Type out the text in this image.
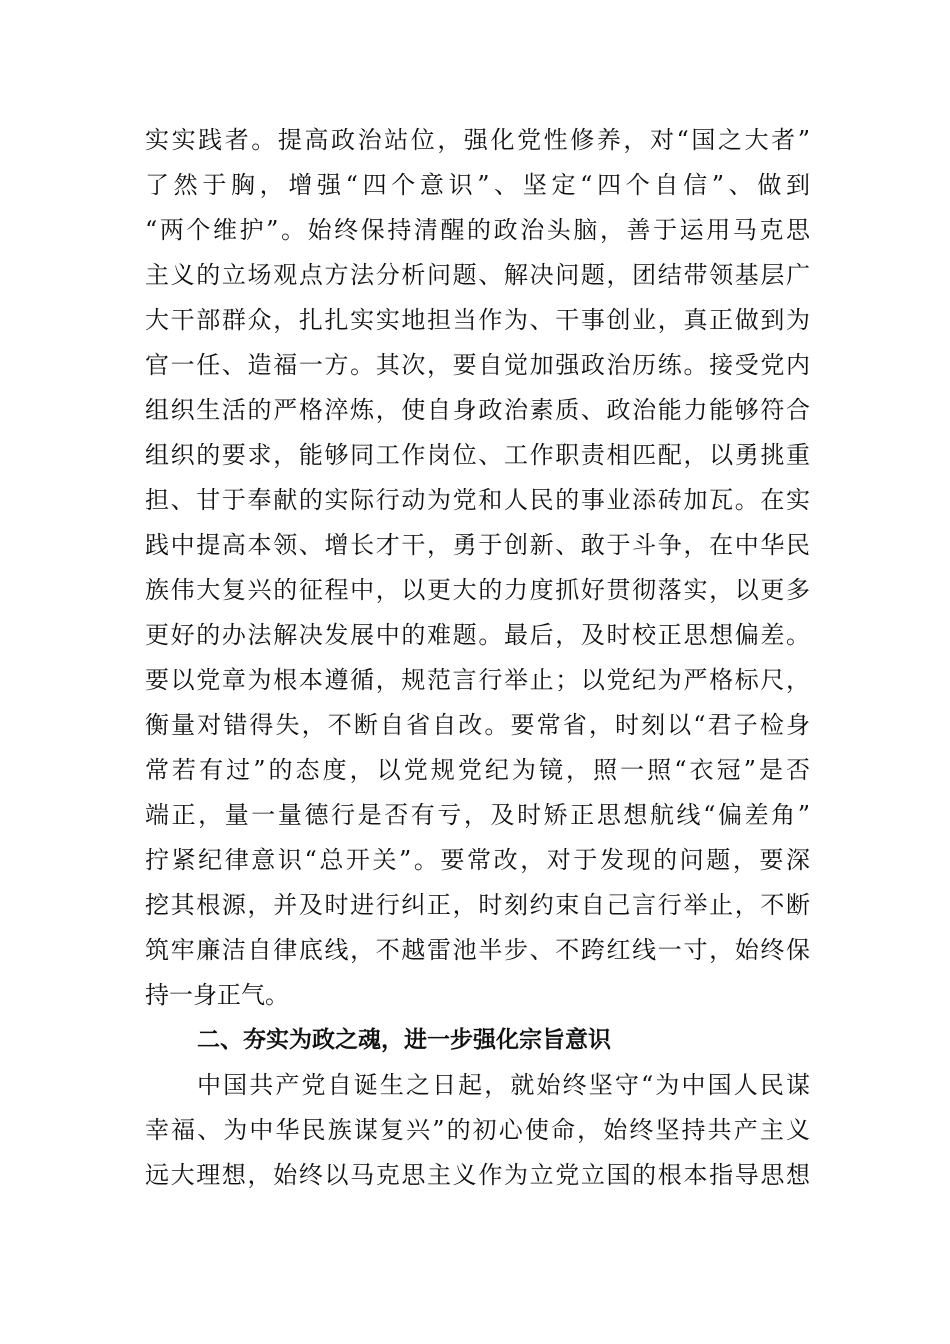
实实践者。提高政治站位，强化党性修养，对“国之大者”
了然于胸，增强“四个意识”、坚定“四个自信”、做到
“两个维护”。始终保持清醒的政治头脑，善于运用马克思
主义的立场观点方法分析问题、解决问题，团结带领基层广
大干部群众，扎扎实实地担当作为、干事创业，真正做到为
官一任、造福一方。其次，要自觉加强政治历练。接受党内
组织生活的严格淬炼，使自身政治素质、政治能力能够符合
组织的要求，能够同工作岗位、工作职责相匹配，以勇挑重
担、甘于奉献的实际行动为党和人民的事业添砖加瓦。在实
践中提高本领、增长才干，勇于创新、敢于斗争，在中华民
族伟大复兴的征程中，以更大的力度抓好贯彻落实，以更多
更好的办法解决发展中的难题。最后，及时校正思想偏差。
要以党章为根本遵循，规范言行举止；以党纪为严格标尺，
衡量对错得失，不断自省自改。要常省，时刻以“君子检身
常若有过”的态度，以党规党纪为镜，照一照“衣冠”是否
端正，量一量德行是否有亏，及时矫正思想航线“偏差角”
拧紧纪律意识“总开关”。要常改，对于发现的问题，要深
挖其根源，并及时进行纠正，时刻约束自己言行举止，不断
筑牢廉洁自律底线，不越雷池半步、不跨红线一寸，始终保
持一身正气。
二、夯实为政之魂，进一步强化宗旨意识
中国共产党自诞生之日起，就始终坚守“为中国人民谋
幸福、为中华民族谋复兴”的初心使命，始终坚持共产主义
远大理想，始终以马克思主义作为立党立国的根本指导思想
